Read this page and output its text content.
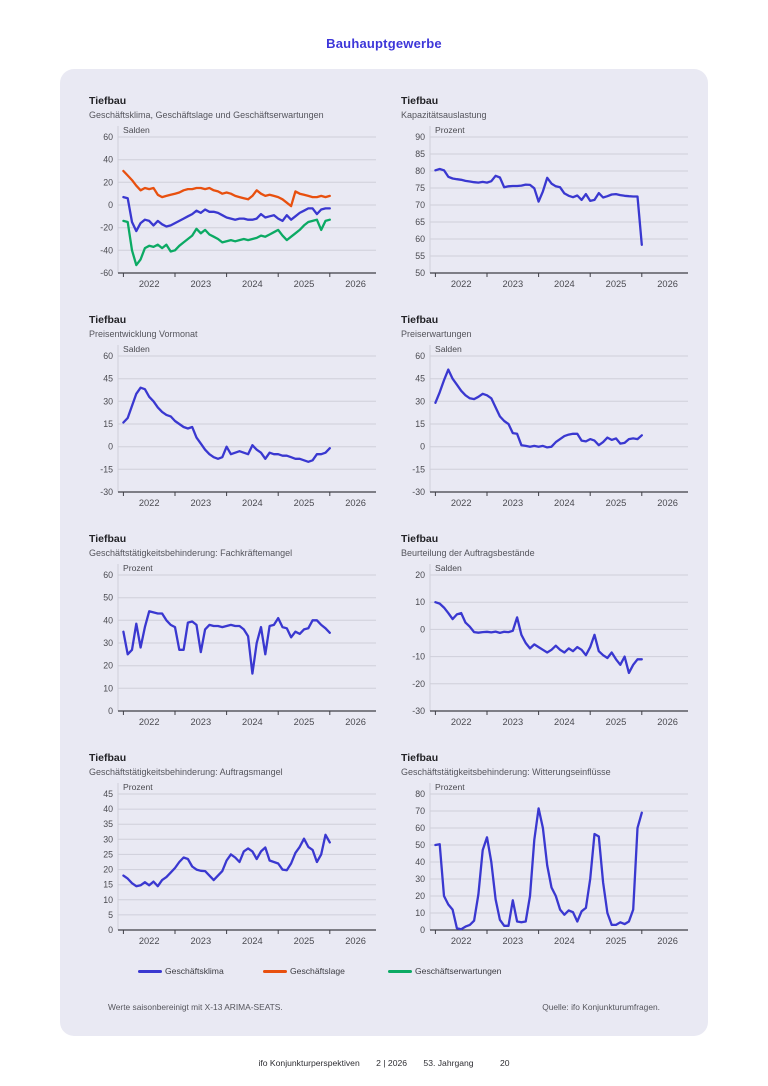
Bauhauptgewerbe
Tiefbau
Geschäftsklima, Geschäftslage und Geschäftserwartungen
-60
-40
-20
0
20
40
60
Salden
2022	2023	2024	2025	2026
Tiefbau
Kapazitätsauslastung
50
55
60
65
70
75
80
85
90
Prozent
2022	2023	2024	2025	2026
Tiefbau
Preisentwicklung Vormonat
-30
-15
0
15
30
45
60
Salden
2022	2023	2024	2025	2026
Tiefbau
Preiserwartungen
-30
-15
0
15
30
45
60
Salden
2022	2023	2024	2025	2026
Tiefbau
Geschäftstätigkeitsbehinderung: Fachkräftemangel
0
10
20
30
40
50
60
Prozent
2022	2023	2024	2025	2026
Tiefbau
Beurteilung der Auftragsbestände
-30
-20
-10
0
10
20
Salden
2022	2023	2024	2025	2026
Tiefbau
Geschäftstätigkeitsbehinderung: Auftragsmangel
0
5
10
15
20
25
30
35
40
45
Prozent
2022	2023	2024	2025	2026
Tiefbau
Geschäftstätigkeitsbehinderung: Witterungseinflüsse
0
10
20
30
40
50
60
70
80
Prozent
2022	2023	2024	2025	2026
Geschäftsklima	Geschäftslage	Geschäftserwartungen
Werte saisonbereinigt mit X-13 ARIMA-SEATS.	Quelle: ifo Konjunkturumfragen.
ifo Konjunkturperspektiven 2 | 2026 53. Jahrgang	20
